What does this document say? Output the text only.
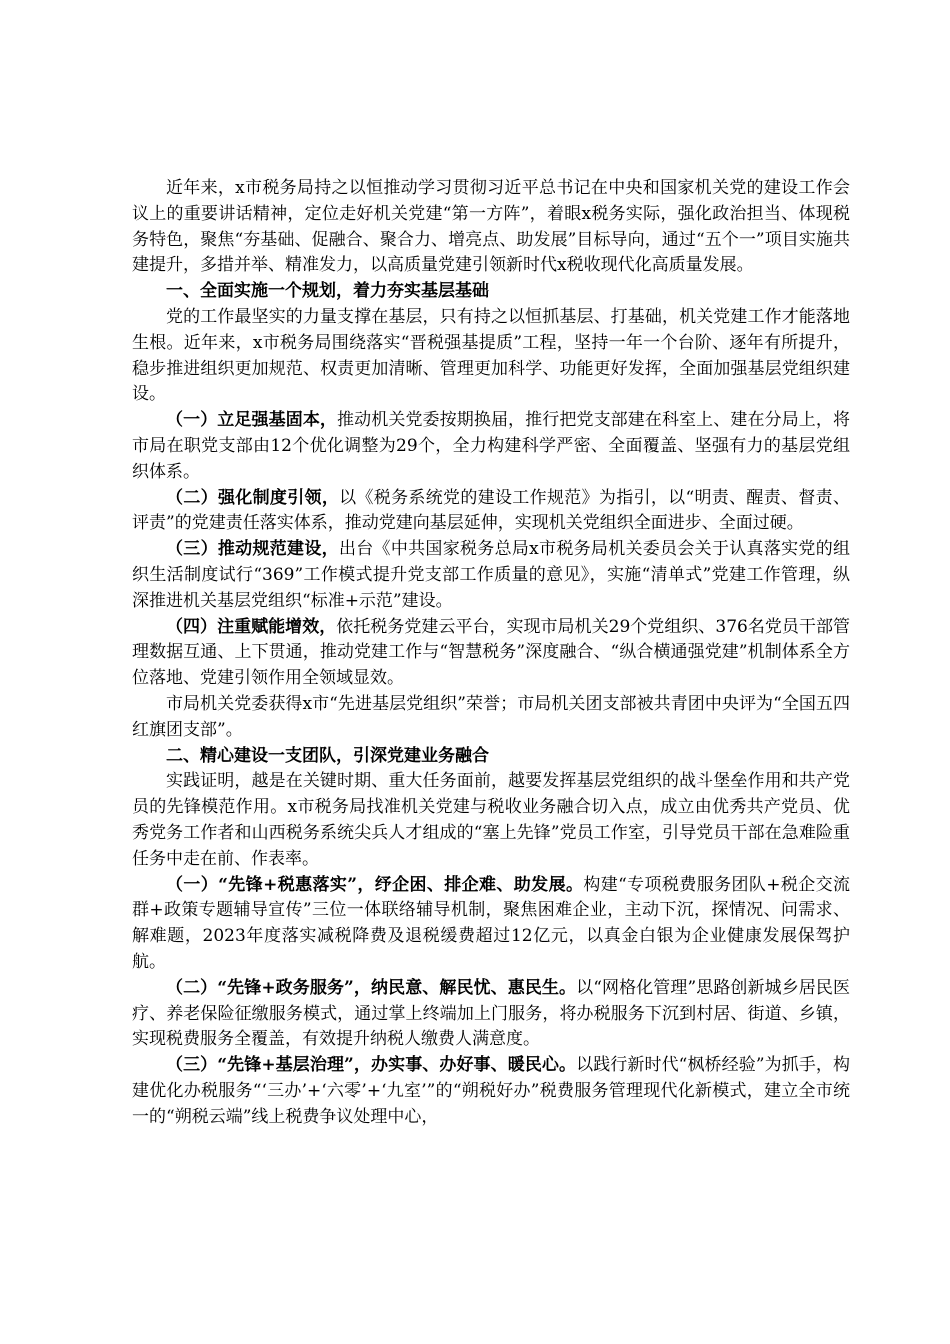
近年来，x市税务局持之以恒推动学习贯彻习近平总书记在中央和国家机关党的建设工作会议上的重要讲话精神，定位走好机关党建“第一方阵”，着眼x税务实际，强化政治担当、体现税务特色，聚焦“夯基础、促融合、聚合力、增亮点、助发展”目标导向，通过“五个一”项目实施共建提升，多措并举、精准发力，以高质量党建引领新时代x税收现代化高质量发展。

一、全面实施一个规划，着力夯实基层基础

党的工作最坚实的力量支撑在基层，只有持之以恒抓基层、打基础，机关党建工作才能落地生根。近年来，x市税务局围绕落实“晋税强基提质”工程，坚持一年一个台阶、逐年有所提升，稳步推进组织更加规范、权责更加清晰、管理更加科学、功能更好发挥，全面加强基层党组织建设。

（一）立足强基固本，推动机关党委按期换届，推行把党支部建在科室上、建在分局上，将市局在职党支部由12个优化调整为29个，全力构建科学严密、全面覆盖、坚强有力的基层党组织体系。

（二）强化制度引领，以《税务系统党的建设工作规范》为指引，以“明责、醒责、督责、评责”的党建责任落实体系，推动党建向基层延伸，实现机关党组织全面进步、全面过硬。

（三）推动规范建设，出台《中共国家税务总局x市税务局机关委员会关于认真落实党的组织生活制度试行“369”工作模式提升党支部工作质量的意见》，实施“清单式”党建工作管理，纵深推进机关基层党组织“标准+示范”建设。

（四）注重赋能增效，依托税务党建云平台，实现市局机关29个党组织、376名党员干部管理数据互通、上下贯通，推动党建工作与“智慧税务”深度融合、“纵合横通强党建”机制体系全方位落地、党建引领作用全领域显效。

市局机关党委获得x市“先进基层党组织”荣誉；市局机关团支部被共青团中央评为“全国五四红旗团支部”。

二、精心建设一支团队，引深党建业务融合

实践证明，越是在关键时期、重大任务面前，越要发挥基层党组织的战斗堡垒作用和共产党员的先锋模范作用。x市税务局找准机关党建与税收业务融合切入点，成立由优秀共产党员、优秀党务工作者和山西税务系统尖兵人才组成的“塞上先锋”党员工作室，引导党员干部在急难险重任务中走在前、作表率。

（一）“先锋+税惠落实”，纾企困、排企难、助发展。构建“专项税费服务团队+税企交流群+政策专题辅导宣传”三位一体联络辅导机制，聚焦困难企业，主动下沉，探情况、问需求、解难题，2023年度落实减税降费及退税缓费超过12亿元，以真金白银为企业健康发展保驾护航。

（二）“先锋+政务服务”，纳民意、解民忧、惠民生。以“网格化管理”思路创新城乡居民医疗、养老保险征缴服务模式，通过掌上终端加上门服务，将办税服务下沉到村居、街道、乡镇，实现税费服务全覆盖，有效提升纳税人缴费人满意度。

（三）“先锋+基层治理”，办实事、办好事、暖民心。以践行新时代“枫桥经验”为抓手，构建优化办税服务“‘三办’+‘六零’+‘九室’”的“朔税好办”税费服务管理现代化新模式，建立全市统一的“朔税云端”线上税费争议处理中心，
